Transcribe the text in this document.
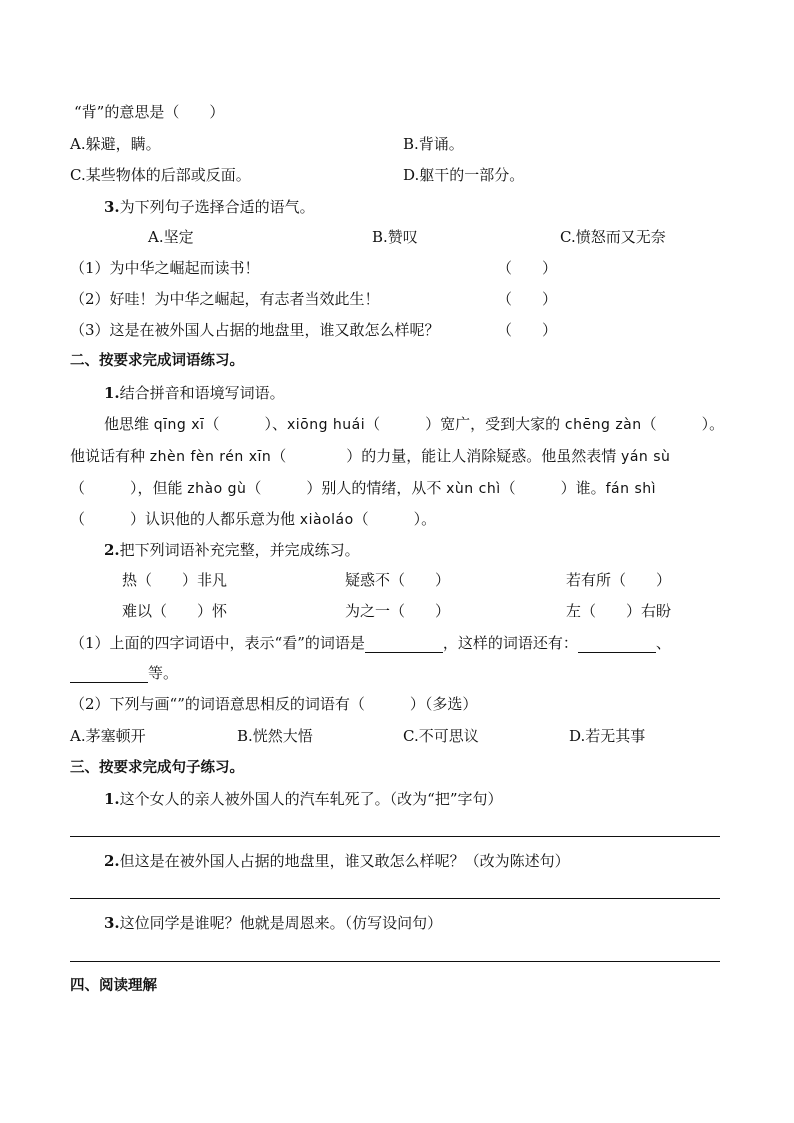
“背”的意思是（　　）
A.躲避，瞒。	B.背诵。
C.某些物体的后部或反面。	D.躯干的一部分。
3.为下列句子选择合适的语气。
A.坚定	B.赞叹	C.愤怒而又无奈
（1）为中华之崛起而读书！	（　　）
（2）好哇！为中华之崛起，有志者当效此生！	（　　）
（3）这是在被外国人占据的地盘里，谁又敢怎么样呢？	（　　）
二、按要求完成词语练习。
1.结合拼音和语境写词语。
他思维 qīng xī（　　　）、xiōng huái（　　　）宽广，受到大家的 chēng zàn（　　　）。
他说话有种 zhèn fèn rén xīn（　　　　）的力量，能让人消除疑惑。他虽然表情 yán sù
（　　　），但能 zhào gù（　　　）别人的情绪，从不 xùn chì（　　　）谁。fán shì
（　　　）认识他的人都乐意为他 xiàoláo（　　　）。
2.把下列词语补充完整，并完成练习。
热（　　）非凡	疑惑不（　　）	若有所（　　）
难以（　　）怀	为之一（　　）	左（　　）右盼
（1）上面的四字词语中，表示“看”的词语是	，这样的词语还有：	、
等。
（2）下列与画“”的词语意思相反的词语有（　　　）（多选）
A.茅塞顿开	B.恍然大悟	C.不可思议	D.若无其事
三、按要求完成句子练习。
1.这个女人的亲人被外国人的汽车轧死了。（改为“把”字句）
2.但这是在被外国人占据的地盘里，谁又敢怎么样呢？（改为陈述句）
3.这位同学是谁呢？他就是周恩来。（仿写设问句）
四、阅读理解
